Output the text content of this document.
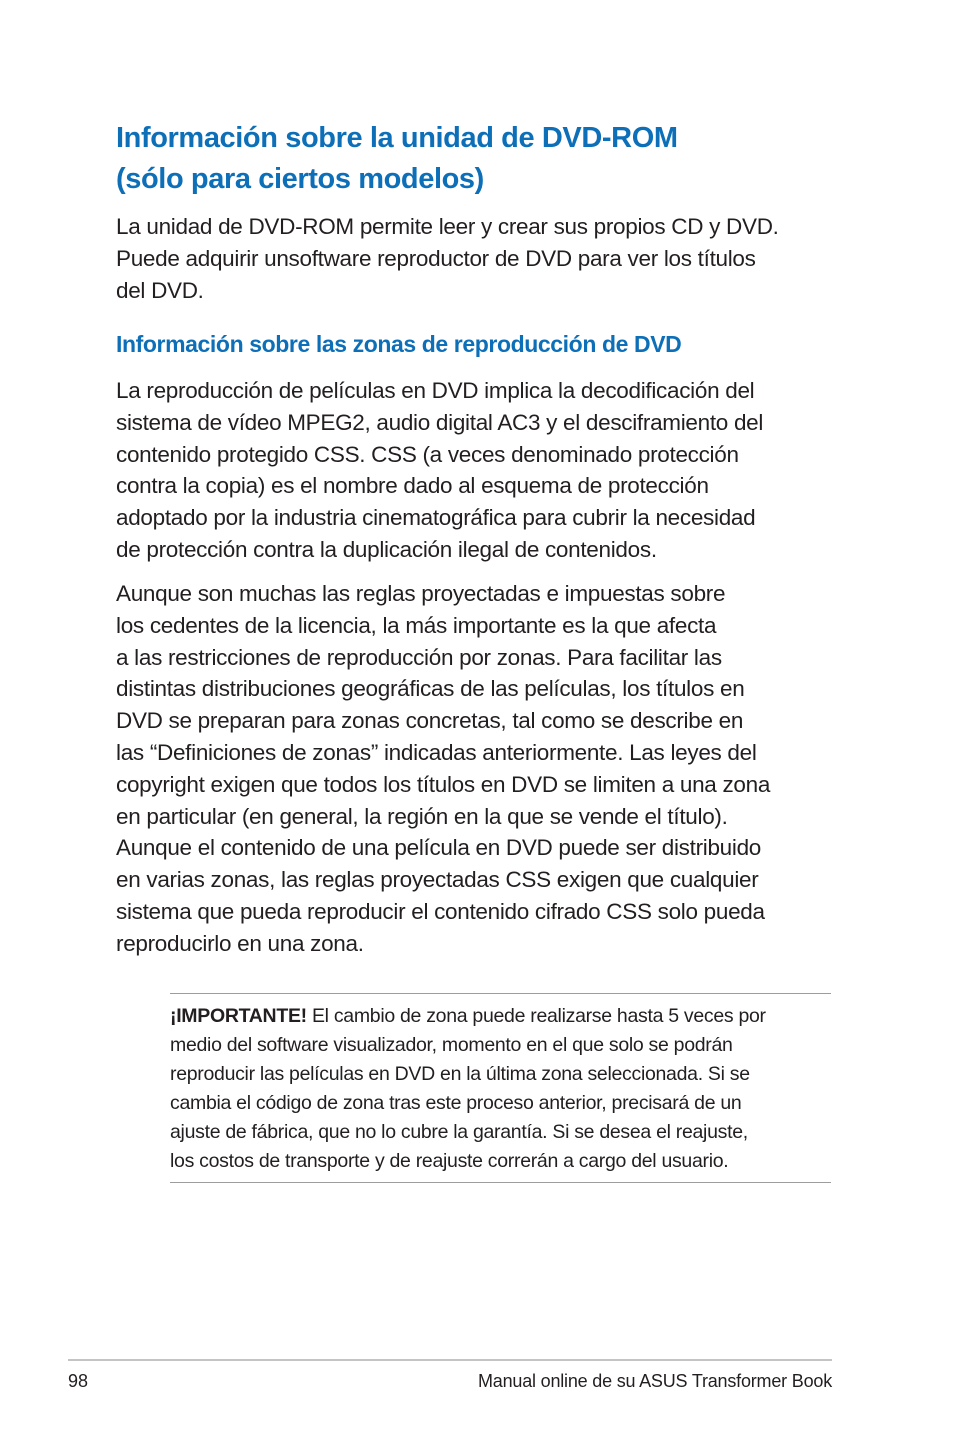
Información sobre la unidad de DVD-ROM
(sólo para ciertos modelos)

La unidad de DVD-ROM permite leer y crear sus propios CD y DVD.
Puede adquirir unsoftware reproductor de DVD para ver los títulos
del DVD.

Información sobre las zonas de reproducción de DVD

La reproducción de películas en DVD implica la decodificación del
sistema de vídeo MPEG2, audio digital AC3 y el desciframiento del
contenido protegido CSS. CSS (a veces denominado protección
contra la copia) es el nombre dado al esquema de protección
adoptado por la industria cinematográfica para cubrir la necesidad
de protección contra la duplicación ilegal de contenidos.

Aunque son muchas las reglas proyectadas e impuestas sobre
los cedentes de la licencia, la más importante es la que afecta
a las restricciones de reproducción por zonas. Para facilitar las
distintas distribuciones geográficas de las películas, los títulos en
DVD se preparan para zonas concretas, tal como se describe en
las “Definiciones de zonas” indicadas anteriormente. Las leyes del
copyright exigen que todos los títulos en DVD se limiten a una zona
en particular (en general, la región en la que se vende el título).
Aunque el contenido de una película en DVD puede ser distribuido
en varias zonas, las reglas proyectadas CSS exigen que cualquier
sistema que pueda reproducir el contenido cifrado CSS solo pueda
reproducirlo en una zona.

¡IMPORTANTE! El cambio de zona puede realizarse hasta 5 veces por
medio del software visualizador, momento en el que solo se podrán
reproducir las películas en DVD en la última zona seleccionada. Si se
cambia el código de zona tras este proceso anterior, precisará de un
ajuste de fábrica, que no lo cubre la garantía. Si se desea el reajuste,
los costos de transporte y de reajuste correrán a cargo del usuario.

98	Manual online de su ASUS Transformer Book
